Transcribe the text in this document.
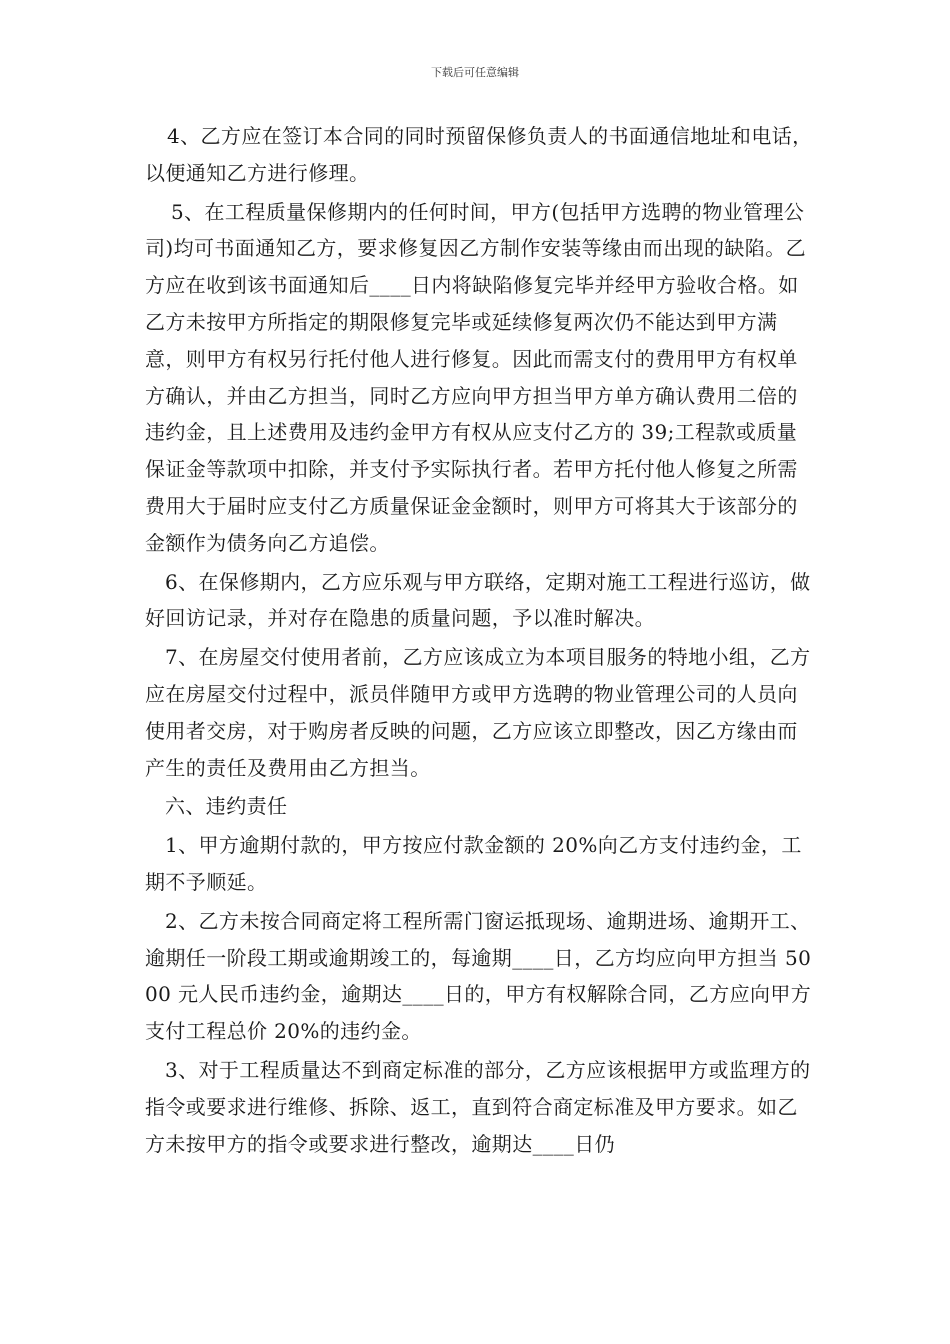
下载后可任意编辑

4、乙方应在签订本合同的同时预留保修负责人的书面通信地址和电话，以便通知乙方进行修理。

5、在工程质量保修期内的任何时间，甲方(包括甲方选聘的物业管理公司)均可书面通知乙方，要求修复因乙方制作安装等缘由而出现的缺陷。乙方应在收到该书面通知后____日内将缺陷修复完毕并经甲方验收合格。如乙方未按甲方所指定的期限修复完毕或延续修复两次仍不能达到甲方满意，则甲方有权另行托付他人进行修复。因此而需支付的费用甲方有权单方确认，并由乙方担当，同时乙方应向甲方担当甲方单方确认费用二倍的违约金，且上述费用及违约金甲方有权从应支付乙方的 39;工程款或质量保证金等款项中扣除，并支付予实际执行者。若甲方托付他人修复之所需费用大于届时应支付乙方质量保证金金额时，则甲方可将其大于该部分的金额作为债务向乙方追偿。

6、在保修期内，乙方应乐观与甲方联络，定期对施工工程进行巡访，做好回访记录，并对存在隐患的质量问题，予以准时解决。

7、在房屋交付使用者前，乙方应该成立为本项目服务的特地小组，乙方应在房屋交付过程中，派员伴随甲方或甲方选聘的物业管理公司的人员向使用者交房，对于购房者反映的问题，乙方应该立即整改，因乙方缘由而产生的责任及费用由乙方担当。

六、违约责任

1、甲方逾期付款的，甲方按应付款金额的 20%向乙方支付违约金，工期不予顺延。

2、乙方未按合同商定将工程所需门窗运抵现场、逾期进场、逾期开工、逾期任一阶段工期或逾期竣工的，每逾期____日，乙方均应向甲方担当 5000 元人民币违约金，逾期达____日的，甲方有权解除合同，乙方应向甲方支付工程总价 20%的违约金。

3、对于工程质量达不到商定标准的部分，乙方应该根据甲方或监理方的指令或要求进行维修、拆除、返工，直到符合商定标准及甲方要求。如乙方未按甲方的指令或要求进行整改，逾期达____日仍
